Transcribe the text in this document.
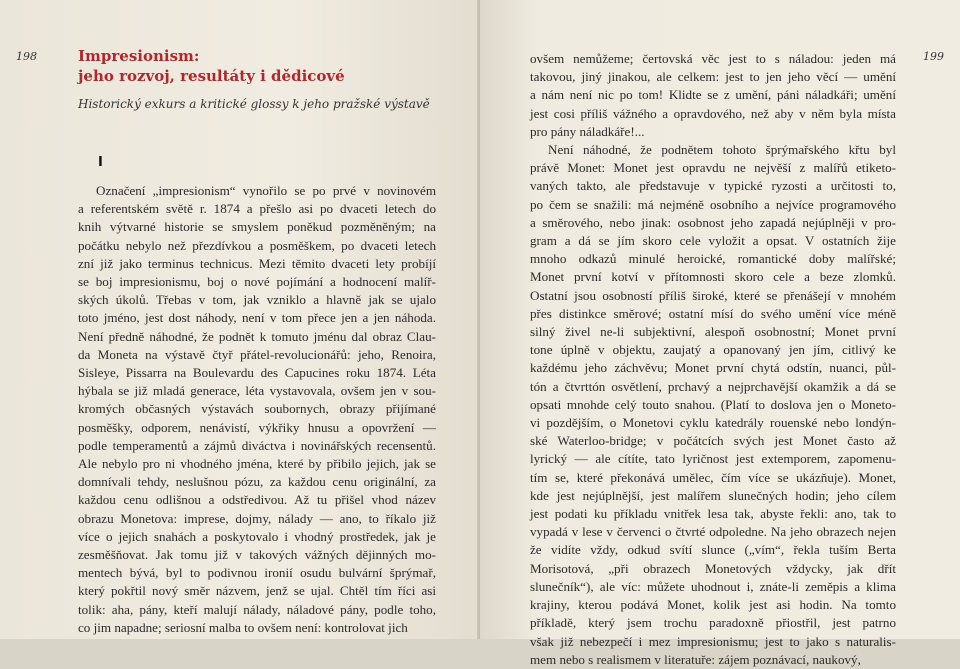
198	Impresionism:
jeho rozvoj, resultáty i dědicové
Historický exkurs a kritické glossy k jeho pražské výstavě
I
Označení „impresionism“ vynořilo se po prvé v novinovém
a referentském světě r. 1874 a přešlo asi po dvaceti letech do
knih výtvarné historie se smyslem poněkud pozměněným; na
počátku nebylo než přezdívkou a posměškem, po dvaceti letech
zní již jako terminus technicus. Mezi těmito dvaceti lety probíjí
se boj impresionismu, boj o nové pojímání a hodnocení malíř-
ských úkolů. Třebas v tom, jak vzniklo a hlavně jak se ujalo
toto jméno, jest dost náhody, není v tom přece jen a jen náhoda.
Není předně náhodné, že podnět k tomuto jménu dal obraz Clau-
da Moneta na výstavě čtyř přátel-revolucionářů: jeho, Renoira,
Sisleye, Pissarra na Boulevardu des Capucines roku 1874. Léta
hýbala se již mladá generace, léta vystavovala, ovšem jen v sou-
kromých občasných výstavách soubornych, obrazy přijímané
posměšky, odporem, nenávistí, výkřiky hnusu a opovržení —
podle temperamentů a zájmů diváctva i novinářských recensentů.
Ale nebylo pro ni vhodného jména, které by přibilo jejich, jak se
domnívali tehdy, neslušnou pózu, za každou cenu originální, za
každou cenu odlišnou a odstředivou. Až tu přišel vhod název
obrazu Monetova: imprese, dojmy, nálady — ano, to říkalo již
více o jejich snahách a poskytovalo i vhodný prostředek, jak je
zesměšňovat. Jak tomu již v takových vážných dějinných mo-
mentech bývá, byl to podivnou ironií osudu bulvární šprýmař,
který pokřtil nový směr názvem, jenž se ujal. Chtěl tím říci asi
tolik: aha, pány, kteří malují nálady, náladové pány, podle toho,
co jim napadne; seriosní malba to ovšem není: kontrolovat jich
199
ovšem nemůžeme; čertovská věc jest to s náladou: jeden má
takovou, jiný jinakou, ale celkem: jest to jen jeho věcí — umění
a nám není nic po tom! Klidte se z umění, páni náladkáři; umění
jest cosi příliš vážného a opravdového, než aby v něm byla místa
pro pány náladkáře!...
Není náhodné, že podnětem tohoto šprýmařského křtu byl
právě Monet: Monet jest opravdu ne nejvěší z malířů etiketo-
vaných takto, ale představuje v typické ryzosti a určitosti to,
po čem se snažili: má nejméně osobního a nejvíce programového
a směrového, nebo jinak: osobnost jeho zapadá nejúplněji v pro-
gram a dá se jím skoro cele vyložit a opsat. V ostatních žije
mnoho odkazů minulé heroické, romantické doby malířské;
Monet první kotví v přítomnosti skoro cele a beze zlomků.
Ostatní jsou osobností příliš široké, které se přenášejí v mnohém
přes distinkce směrové; ostatní mísí do svého umění více méně
silný živel ne-li subjektivní, alespoň osobnostní; Monet první
tone úplně v objektu, zaujatý a opanovaný jen jím, citlivý ke
každému jeho záchvěvu; Monet první chytá odstín, nuanci, půl-
tón a čtvrttón osvětlení, prchavý a nejprchavější okamžik a dá se
opsati mnohde celý touto snahou. (Platí to doslova jen o Moneto-
vi pozdějším, o Monetovi cyklu katedrály rouenské nebo londýn-
ské Waterloo-bridge; v počátcích svých jest Monet často až
lyrický — ale cítíte, tato lyričnost jest extemporem, zapomenu-
tím se, které překonává umělec, čím více se ukázňuje). Monet,
kde jest nejúplnější, jest malířem slunečných hodin; jeho cílem
jest podati ku příkladu vnitřek lesa tak, abyste řekli: ano, tak to
vypadá v lese v červenci o čtvrté odpoledne. Na jeho obrazech nejen
že vidíte vždy, odkud svítí slunce („vím“, řekla tuším Berta
Morisotová, „při obrazech Monetových vždycky, jak dřít
slunečník“), ale víc: můžete uhodnout i, znáte-li zeměpis a klima
krajiny, kterou podává Monet, kolik jest asi hodin. Na tomto
příkladě, který jsem trochu paradoxně přiostřil, jest patrno
však již nebezpečí i mez impresionismu; jest to jako s naturalis-
mem nebo s realismem v literatuře: zájem poznávací, naukový,
